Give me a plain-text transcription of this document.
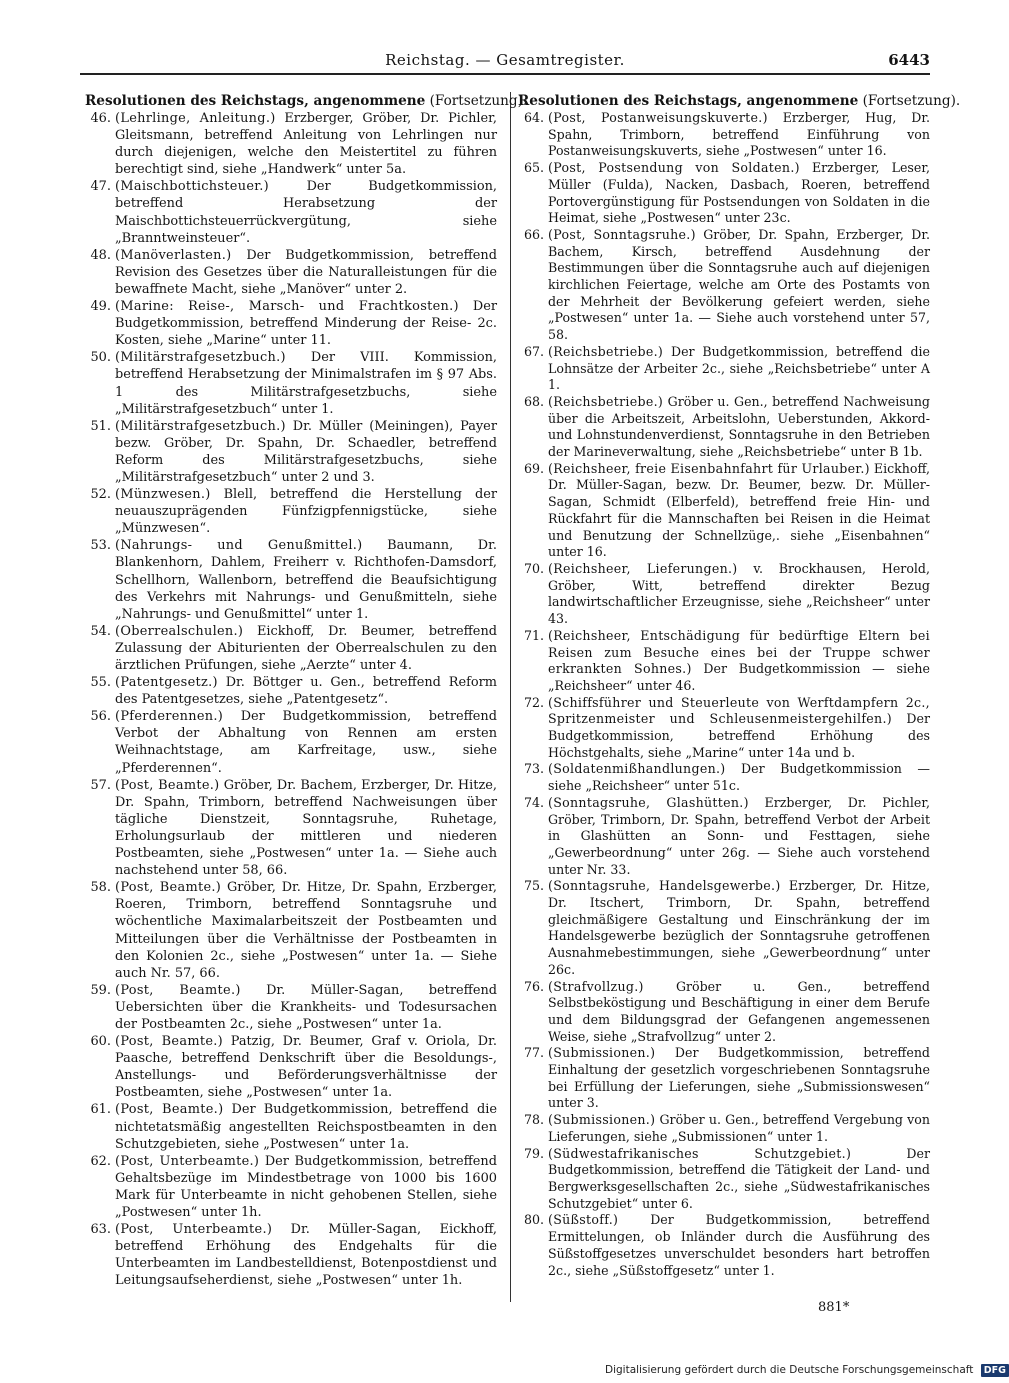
Reichstag. — Gesamtregister.	6443
Resolutionen des Reichstags, angenommene (Fortsetzung).
46. (Lehrlinge, Anleitung.) Erzberger, Gröber, Dr. Pichler, Gleitsmann, betreffend Anleitung von Lehrlingen nur durch diejenigen, welche den Meistertitel zu führen berechtigt sind, siehe „Handwerk“ unter 5a.
47. (Maischbottichsteuer.)	Der Budgetkommission, betreffend Herabsetzung der Maischbottichsteuerrückvergütung, siehe „Branntweinsteuer“.
48. (Manöverlasten.) Der Budgetkommission, betreffend Revision des Gesetzes über die Naturalleistungen für die bewaffnete Macht, siehe „Manöver“ unter 2.
49. (Marine: Reise-, Marsch- und Frachtkosten.) Der Budgetkommission, betreffend Minderung der Reise- 2c. Kosten, siehe „Marine“ unter 11.
50. (Militärstrafgesetzbuch.) Der VIII. Kommission, betreffend Herabsetzung der Minimalstrafen im § 97 Abs. 1 des Militärstrafgesetzbuchs, siehe „Militärstrafgesetzbuch“ unter 1.
51. (Militärstrafgesetzbuch.) Dr. Müller (Meiningen), Payer bezw. Gröber, Dr. Spahn, Dr. Schaedler, betreffend Reform des Militärstrafgesetzbuchs, siehe „Militärstrafgesetzbuch“ unter 2 und 3.
52. (Münzwesen.) Blell, betreffend die Herstellung der neuauszuprägenden Fünfzigpfennigstücke, siehe „Münzwesen“.
53. (Nahrungs- und Genußmittel.) Baumann, Dr. Blankenhorn, Dahlem, Freiherr v. Richthofen-Damsdorf, Schellhorn, Wallenborn, betreffend die Beaufsichtigung des Verkehrs mit Nahrungs- und Genußmitteln, siehe „Nahrungs- und Genußmittel“ unter 1.
54. (Oberrealschulen.) Eickhoff, Dr. Beumer, betreffend Zulassung der Abiturienten der Oberrealschulen zu den ärztlichen Prüfungen, siehe „Aerzte“ unter 4.
55. (Patentgesetz.) Dr. Böttger u. Gen., betreffend Reform des Patentgesetzes, siehe „Patentgesetz“.
56. (Pferderennen.) Der Budgetkommission, betreffend Verbot der Abhaltung von Rennen am ersten Weihnachtstage, am Karfreitage, usw., siehe „Pferderennen“.
57. (Post, Beamte.) Gröber, Dr. Bachem, Erzberger, Dr. Hitze, Dr. Spahn, Trimborn, betreffend Nachweisungen über tägliche Dienstzeit, Sonntagsruhe, Ruhetage, Erholungsurlaub der mittleren und niederen Postbeamten, siehe „Postwesen“ unter 1a. — Siehe auch nachstehend unter 58, 66.
58. (Post, Beamte.) Gröber, Dr. Hitze, Dr. Spahn, Erzberger, Roeren, Trimborn, betreffend Sonntagsruhe und wöchentliche Maximalarbeitszeit der Postbeamten und Mitteilungen über die Verhältnisse der Postbeamten in den Kolonien 2c., siehe „Postwesen“ unter 1a. — Siehe auch Nr. 57, 66.
59. (Post, Beamte.) Dr. Müller-Sagan, betreffend Uebersichten über die Krankheits- und Todesursachen der Postbeamten 2c., siehe „Postwesen“ unter 1a.
60. (Post, Beamte.) Patzig, Dr. Beumer, Graf v. Oriola, Dr. Paasche, betreffend Denkschrift über die Besoldungs-, Anstellungs- und Beförderungsverhältnisse der Postbeamten, siehe „Postwesen“ unter 1a.
61. (Post, Beamte.) Der Budgetkommission, betreffend die nichtetatsmäßig angestellten Reichspostbeamten in den Schutzgebieten, siehe „Postwesen“ unter 1a.
62. (Post, Unterbeamte.) Der Budgetkommission, betreffend Gehaltsbezüge im Mindestbetrage von 1000 bis 1600 Mark für Unterbeamte in nicht gehobenen Stellen, siehe „Postwesen“ unter 1h.
63. (Post, Unterbeamte.) Dr. Müller-Sagan, Eickhoff, betreffend Erhöhung des Endgehalts für die Unterbeamten im Landbestelldienst, Botenpostdienst und Leitungsaufseherdienst, siehe „Postwesen“ unter 1h.
Resolutionen des Reichstags, angenommene (Fortsetzung).
64. (Post, Postanweisungskuverte.) Erzberger, Hug, Dr. Spahn, Trimborn, betreffend Einführung von Postanweisungskuverts, siehe „Postwesen“ unter 16.
65. (Post, Postsendung von Soldaten.) Erzberger, Leser, Müller (Fulda), Nacken, Dasbach, Roeren, betreffend Portovergünstigung für Postsendungen von Soldaten in die Heimat, siehe „Postwesen“ unter 23c.
66. (Post, Sonntagsruhe.) Gröber, Dr. Spahn, Erzberger, Dr. Bachem, Kirsch, betreffend Ausdehnung der Bestimmungen über die Sonntagsruhe auch auf diejenigen kirchlichen Feiertage, welche am Orte des Postamts von der Mehrheit der Bevölkerung gefeiert werden, siehe „Postwesen“ unter 1a. — Siehe auch vorstehend unter 57, 58.
67. (Reichsbetriebe.) Der Budgetkommission, betreffend die Lohnsätze der Arbeiter 2c., siehe „Reichsbetriebe“ unter A 1.
68. (Reichsbetriebe.) Gröber u. Gen., betreffend Nachweisung über die Arbeitszeit, Arbeitslohn, Ueberstunden, Akkord- und Lohnstundenverdienst, Sonntagsruhe in den Betrieben der Marineverwaltung, siehe „Reichsbetriebe“ unter B 1b.
69. (Reichsheer, freie Eisenbahnfahrt für Urlauber.) Eickhoff, Dr. Müller-Sagan, bezw. Dr. Beumer, bezw. Dr. Müller-Sagan, Schmidt (Elberfeld), betreffend freie Hin- und Rückfahrt für die Mannschaften bei Reisen in die Heimat und Benutzung der Schnellzüge,. siehe „Eisenbahnen“ unter 16.
70. (Reichsheer, Lieferungen.) v. Brockhausen, Herold, Gröber, Witt, betreffend direkter Bezug landwirtschaftlicher Erzeugnisse, siehe „Reichsheer“ unter 43.
71. (Reichsheer, Entschädigung für bedürftige Eltern bei Reisen zum Besuche eines bei der Truppe schwer erkrankten Sohnes.) Der Budgetkommission — siehe „Reichsheer“ unter 46.
72. (Schiffsführer und Steuerleute von Werftdampfern 2c., Spritzenmeister und Schleusenmeistergehilfen.) Der Budgetkommission, betreffend Erhöhung des Höchstgehalts, siehe „Marine“ unter 14a und b.
73. (Soldatenmißhandlungen.) Der Budgetkommission — siehe „Reichsheer“ unter 51c.
74. (Sonntagsruhe, Glashütten.) Erzberger, Dr. Pichler, Gröber, Trimborn, Dr. Spahn, betreffend Verbot der Arbeit in Glashütten an Sonn- und Festtagen, siehe „Gewerbeordnung“ unter 26g. — Siehe auch vorstehend unter Nr. 33.
75. (Sonntagsruhe, Handelsgewerbe.) Erzberger, Dr. Hitze, Dr. Itschert, Trimborn, Dr. Spahn, betreffend gleichmäßigere Gestaltung und Einschränkung der im Handelsgewerbe bezüglich der Sonntagsruhe getroffenen Ausnahmebestimmungen, siehe „Gewerbeordnung“ unter 26c.
76. (Strafvollzug.)	Gröber u. Gen., betreffend Selbstbeköstigung und Beschäftigung in einer dem Berufe und dem Bildungsgrad der Gefangenen angemessenen Weise, siehe „Strafvollzug“ unter 2.
77. (Submissionen.) Der Budgetkommission, betreffend Einhaltung der gesetzlich vorgeschriebenen Sonntagsruhe bei Erfüllung der Lieferungen, siehe „Submissionswesen“ unter 3.
78. (Submissionen.) Gröber u. Gen., betreffend Vergebung von Lieferungen, siehe „Submissionen“ unter 1.
79. (Südwestafrikanisches Schutzgebiet.)	Der Budgetkommission, betreffend die Tätigkeit der Land- und Bergwerksgesellschaften 2c., siehe „Südwestafrikanisches Schutzgebiet“ unter 6.
80. (Süßstoff.)	Der Budgetkommission, betreffend Ermittelungen, ob Inländer durch die Ausführung des Süßstoffgesetzes unverschuldet besonders hart betroffen 2c., siehe „Süßstoffgesetz“ unter 1.
881*
Digitalisierung gefördert durch die Deutsche Forschungsgemeinschaft DFG
